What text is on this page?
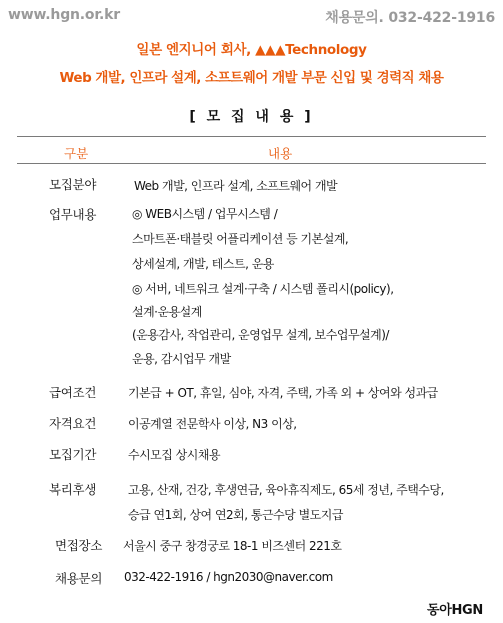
www.hgn.or.kr	채용문의. 032-422-1916
일본 엔지니어 회사, ▲▲▲Technology
Web 개발, 인프라 설계, 소프트웨어 개발 부문 신입 및 경력직 채용
[ 모 집 내 용 ]
구분	내용
모집분야	Web 개발, 인프라 설계, 소프트웨어 개발
업무내용	◎ WEB시스템 / 업무시스템 /
스마트폰·태블릿 어플리케이션 등 기본설계,
상세설계, 개발, 테스트, 운용
◎ 서버, 네트워크 설계·구축 / 시스템 폴리시(policy),
설계·운용설계
(운용감사, 작업관리, 운영업무 설계, 보수업무설계)/
운용, 감시업무 개발
급여조건	기본급 + OT, 휴일, 심야, 자격, 주택, 가족 외 + 상여와 성과급
자격요건	이공계열 전문학사 이상, N3 이상,
모집기간	수시모집 상시채용
복리후생	고용, 산재, 건강, 후생연금, 육아휴직제도, 65세 정년, 주택수당,
승급 연1회, 상여 연2회, 통근수당 별도지급
면접장소	서울시 중구 창경궁로 18-1 비즈센터 221호
채용문의	032-422-1916 / hgn2030@naver.com
동아HGN
